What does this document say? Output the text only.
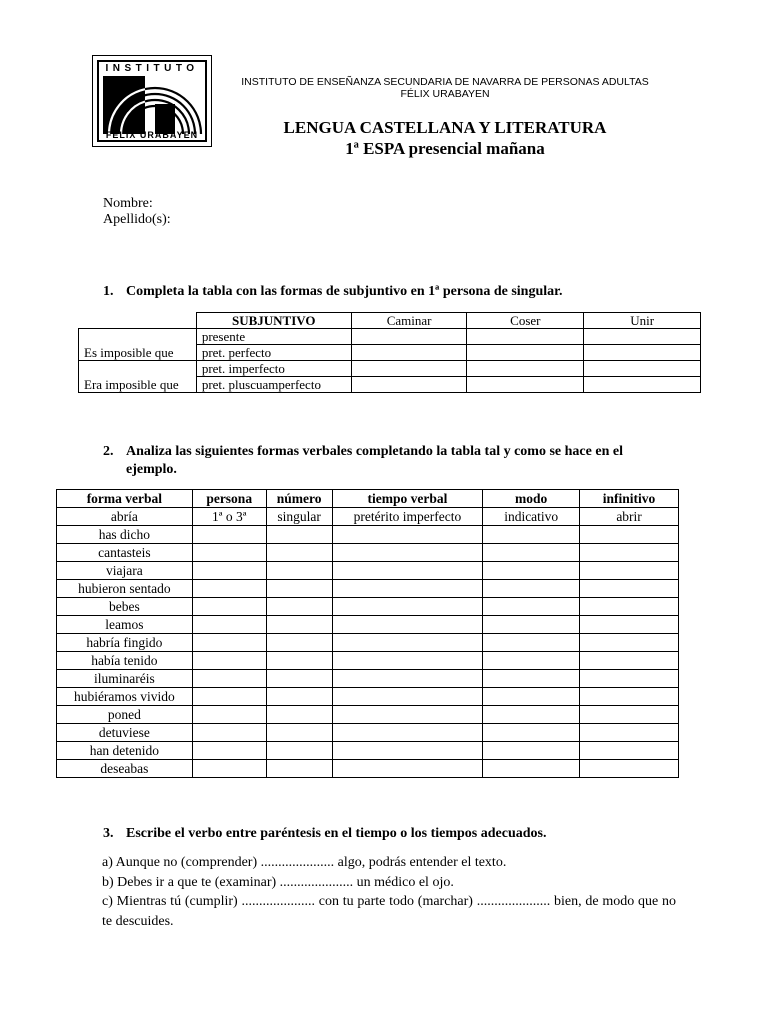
INSTITUTO
FÉLIX URABAYEN
INSTITUTO DE ENSEÑANZA SECUNDARIA DE NAVARRA DE PERSONAS ADULTAS
FÉLIX URABAYEN
LENGUA CASTELLANA Y LITERATURA
1ª ESPA presencial mañana
Nombre:
Apellido(s):
1. Completa la tabla con las formas de subjuntivo en 1ª persona de singular.
	SUBJUNTIVO	Caminar	Coser	Unir
Es imposible que	presente			
	pret. perfecto			
Era imposible que	pret. imperfecto			
	pret. pluscuamperfecto			
2. Analiza las siguientes formas verbales completando la tabla tal y como se hace en el
ejemplo.
forma verbal	persona	número	tiempo verbal	modo	infinitivo
abría	1ª o 3ª	singular	pretérito imperfecto	indicativo	abrir
has dicho					
cantasteis					
viajara					
hubieron sentado					
bebes					
leamos					
habría fingido					
había tenido					
iluminaréis					
hubiéramos vivido					
poned					
detuviese					
han detenido					
deseabas					
3. Escribe el verbo entre paréntesis en el tiempo o los tiempos adecuados.

a) Aunque no (comprender) ..................... algo, podrás entender el texto.

b) Debes ir a que te (examinar) ..................... un médico el ojo.

c) Mientras tú (cumplir) ..................... con tu parte todo (marchar) ..................... bien, de modo que no te descuides.
